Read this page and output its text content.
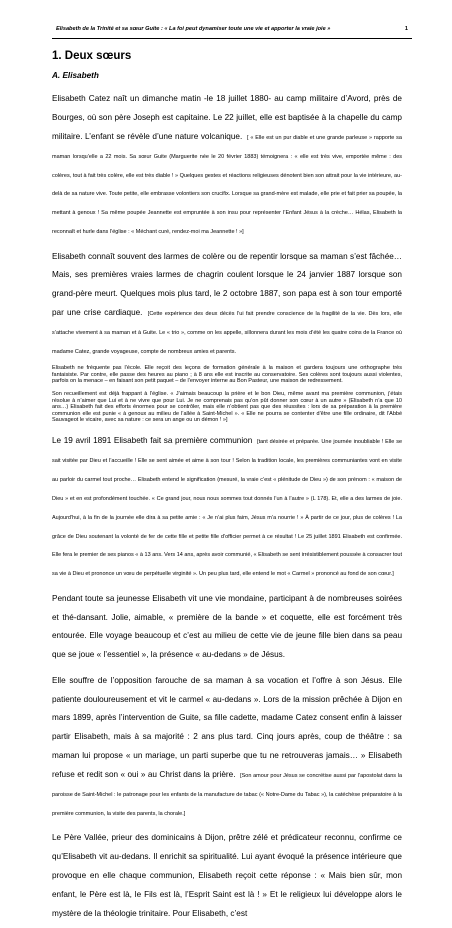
Elisabeth de la Trinité et sa sœur Guite : « La foi peut dynamiser toute une vie et apporter la vraie joie »	1
1. Deux sœurs
A. Elisabeth

Elisabeth Catez naît un dimanche matin -le 18 juillet 1880- au camp militaire d’Avord, près de Bourges, où son père Joseph est capitaine. Le 22 juillet, elle est baptisée à la chapelle du camp militaire. L’enfant se révèle d’une nature volcanique. [ « Elle est un pur diable et une grande parleuse » rapporte sa maman lorsqu’elle a 22 mois. Sa sœur Guite (Marguerite née le 20 février 1883) témoignera : « elle est très vive, emportée même : des colères, tout à fait très colère, elle est très diable ! » Quelques gestes et réactions religieuses dénotent bien son attrait pour la vie intérieure, au-delà de sa nature vive. Toute petite, elle embrasse volontiers son crucifix. Lorsque sa grand-mère est malade, elle prie et fait prier sa poupée, la mettant à genoux ! Sa même poupée Jeannette est empruntée à son insu pour représenter l’Enfant Jésus à la crèche… Hélas, Elisabeth la reconnaît et hurle dans l’église : « Méchant curé, rendez-moi ma Jeannette ! »]

Elisabeth connaît souvent des larmes de colère ou de repentir lorsque sa maman s’est fâchée… Mais, ses premières vraies larmes de chagrin coulent lorsque le 24 janvier 1887 lorsque son grand-père meurt. Quelques mois plus tard, le 2 octobre 1887, son papa est à son tour emporté par une crise cardiaque. [Cette expérience des deux décès l’ui fait prendre conscience de la fragilité de la vie. Dès lors, elle s’attache vivement à sa maman et à Guite. Le « trio », comme on les appelle, sillonnera durant les mois d’été les quatre coins de la France où madame Catez, grande voyageuse, compte de nombreux amies et parents.

Elisabeth ne fréquente pas l’école. Elle reçoit des leçons de formation générale à la maison et gardera toujours une orthographe très fantaisiste. Par contre, elle passe des heures au piano ; à 8 ans elle est inscrite au conservatoire. Ses colères sont toujours aussi violentes, parfois on la menace – en faisant son petit paquet – de l’envoyer interne au Bon Pasteur, une maison de redressement.

Son recueillement est déjà frappant à l’église. « J’aimais beaucoup la prière et le bon Dieu, même avant ma première communion, j’étais résolue à n’aimer que Lui et à ne vivre que pour Lui. Je ne comprenais pas qu’on pût donner son cœur à un autre » (Elisabeth n’a que 10 ans…) Elisabeth fait des efforts énormes pour se contrôler, mais elle n’obtient pas que des réussites : lors de sa préparation à la première communion elle est punie « à genoux au milieu de l’allée à Saint-Michel ». « Elle ne pourra se contenter d’être une fille ordinaire, dit l’Abbé Sauvageot le vicaire, avec sa nature : ce sera un ange ou un démon ! »]

Le 19 avril 1891 Elisabeth fait sa première communion [tant désirée et préparée. Une journée inoubliable ! Elle se sait visitée par Dieu et l’accueille ! Elle se sent aimée et aime à son tour ! Selon la tradition locale, les premières communiantes vont en visite au parloir du carmel tout proche… Elisabeth entend le signification (mesuré, la vraie c’est « plénitude de Dieu ») de son prénom : « maison de Dieu » et en est profondément touchée. « Ce grand jour, nous nous sommes tout donnés l’un à l’autre » (L 178). Et, elle a des larmes de joie. Aujourd’hui, à la fin de la journée elle dira à sa petite amie : « Je n’ai plus faim, Jésus m’a nourrie ! » À partir de ce jour, plus de colères ! La grâce de Dieu soutenant la volonté de fer de cette fille et petite fille d’officier permet à ce résultat ! Le 25 juillet 1891 Elisabeth est confirmée. Elle fera le premier de ses pianos « à 13 ans. Vers 14 ans, après avoir communié, « Elisabeth se sent irrésistiblement poussée à consacrer tout sa vie à Dieu et prononce un vœu de perpétuelle virginité ». Un peu plus tard, elle entend le mot « Carmel » prononcé au fond de son cœur.]

Pendant toute sa jeunesse Elisabeth vit une vie mondaine, participant à de nombreuses soirées et thé-dansant. Jolie, aimable, « première de la bande » et coquette, elle est forcément très entourée. Elle voyage beaucoup et c’est au milieu de cette vie de jeune fille bien dans sa peau que se joue « l’essentiel », la présence « au-dedans » de Jésus.

Elle souffre de l’opposition farouche de sa maman à sa vocation et l’offre à son Jésus. Elle patiente douloureusement et vit le carmel « au-dedans ». Lors de la mission prêchée à Dijon en mars 1899, après l’intervention de Guite, sa fille cadette, madame Catez consent enfin à laisser partir Elisabeth, mais à sa majorité : 2 ans plus tard. Cinq jours après, coup de théâtre : sa maman lui propose « un mariage, un parti superbe que tu ne retrouveras jamais… » Elisabeth refuse et redit son « oui » au Christ dans la prière. [Son amour pour Jésus se concrétise aussi par l’apostolat dans la paroisse de Saint-Michel : le patronage pour les enfants de la manufacture de tabac (« Notre-Dame du Tabac »), la catéchèse préparatoire à la première communion, la visite des parents, la chorale.]

Le Père Vallée, prieur des dominicains à Dijon, prêtre zélé et prédicateur reconnu, confirme ce qu’Elisabeth vit au-dedans. Il enrichit sa spiritualité. Lui ayant évoqué la présence intérieure que provoque en elle chaque communion, Elisabeth reçoit cette réponse : « Mais bien sûr, mon enfant, le Père est là, le Fils est là, l’Esprit Saint est là ! » Et le religieux lui développe alors le mystère de la théologie trinitaire. Pour Elisabeth, c’est
